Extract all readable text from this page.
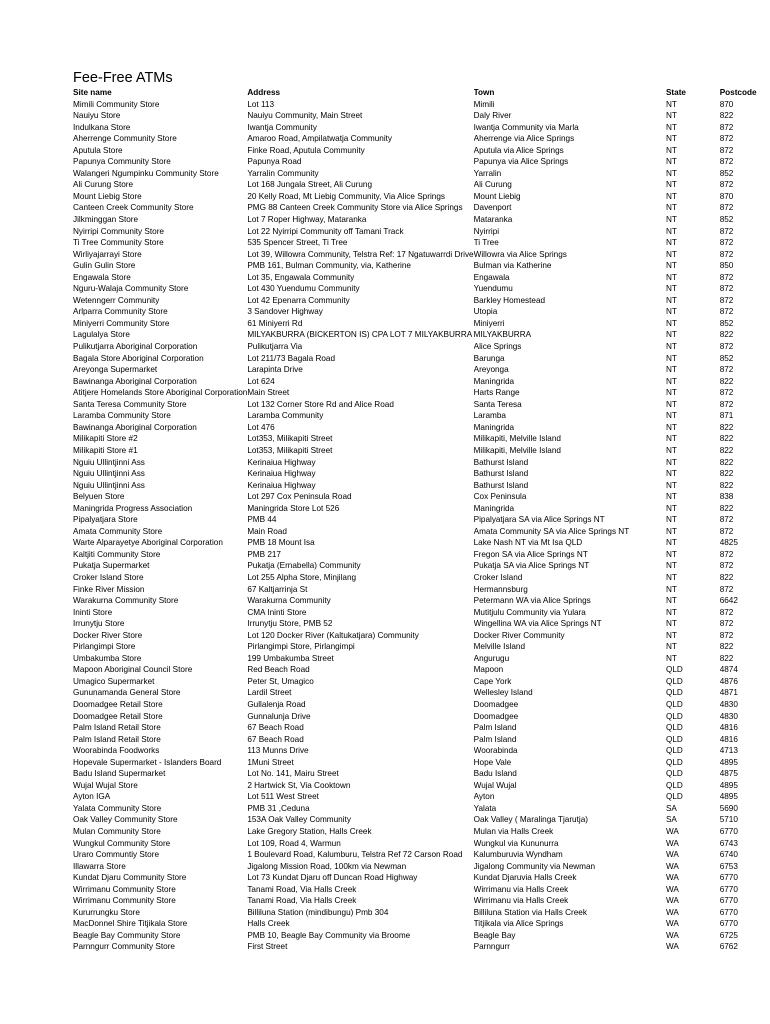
Fee-Free ATMs
Site name	Address	Town	State	Postcode
Mimili Community Store	Lot 113	Mimili	NT	870
Nauiyu Store	Nauiyu Community, Main Street	Daly River	NT	822
Indulkana Store	Iwantja Community	Iwantja Community via Marla	NT	872
Aherrenge Community Store	Amaroo Road, Ampilatwatja Community	Aherrenge via Alice Springs	NT	872
Aputula Store	Finke Road, Aputula Community	Aputula via Alice Springs	NT	872
Papunya Community Store	Papunya Road	Papunya via Alice Springs	NT	872
Walangeri Ngumpinku Community Store	Yarralin Community	Yarralin	NT	852
Ali Curung Store	Lot 168 Jungala Street, Ali Curung	Ali Curung	NT	872
Mount Liebig Store	20 Kelly Road, Mt Liebig Community, Via Alice Springs	Mount Liebig	NT	870
Canteen Creek Community Store	PMG 88 Canteen Creek Community Store via Alice Springs	Davenport	NT	872
Jilkminggan Store	Lot 7 Roper Highway, Mataranka	Mataranka	NT	852
Nyirripi Community Store	Lot 22 Nyirripi Community off Tamani Track	Nyirripi	NT	872
Ti Tree Community Store	535 Spencer Street, Ti Tree	Ti Tree	NT	872
Wirliyajarrayi Store	Lot 39, Willowra Community, Telstra Ref: 17 Ngatuwarrdi Drive	Willowra via Alice Springs	NT	872
Gulin Gulin Store	PMB 161, Bulman Community, via, Katherine	Bulman via Katherine	NT	850
Engawala Store	Lot 35, Engawala Community	Engawala	NT	872
Nguru-Walaja Community Store	Lot 430 Yuendumu Community	Yuendumu	NT	872
Wetenngerr Community	Lot 42 Epenarra Community	Barkley Homestead	NT	872
Arlparra Community Store	3 Sandover Highway	Utopia	NT	872
Miniyerri Community Store	61 Miniyerri Rd	Miniyerri	NT	852
Lagulalya Store	MILYAKBURRA (BICKERTON IS) CPA LOT 7 MILYAKBURRA	MILYAKBURRA	NT	822
Pulikutjarra Aboriginal Corporation	Pulikutjarra Via	Alice Springs	NT	872
Bagala Store Aboriginal Corporation	Lot 211/73 Bagala Road	Barunga	NT	852
Areyonga Supermarket	Larapinta Drive	Areyonga	NT	872
Bawinanga Aboriginal Corporation	Lot 624	Maningrida	NT	822
Atitjere Homelands Store Aboriginal Corporation	Main Street	Harts Range	NT	872
Santa Teresa Community Store	Lot 132 Corner Store Rd and Alice Road	Santa Teresa	NT	872
Laramba Community Store	Laramba Community	Laramba	NT	871
Bawinanga Aboriginal Corporation	Lot 476	Maningrida	NT	822
Milikapiti Store #2	Lot353, Milikapiti Street	Milikapiti, Melville Island	NT	822
Milikapiti Store #1	Lot353, Milikapiti Street	Milikapiti, Melville Island	NT	822
Nguiu Ullintjinni Ass	Kerinaiua Highway	Bathurst Island	NT	822
Nguiu Ullintjinni Ass	Kerinaiua Highway	Bathurst Island	NT	822
Nguiu Ullintjinni Ass	Kerinaiua Highway	Bathurst Island	NT	822
Belyuen Store	Lot 297 Cox Peninsula Road	Cox Peninsula	NT	838
Maningrida Progress Association	Maningrida Store Lot 526	Maningrida	NT	822
Pipalyatjara Store	PMB 44	Pipalyatjara SA via Alice Springs NT	NT	872
Amata Community Store	Main Road	Amata Community SA via Alice Springs NT	NT	872
Warte Alparayetye Aboriginal Corporation	PMB 18 Mount Isa	Lake Nash NT via Mt Isa QLD	NT	4825
Kaltjiti Community Store	PMB 217	Fregon SA via Alice Springs NT	NT	872
Pukatja Supermarket	Pukatja (Ernabella) Community	Pukatja SA via Alice Springs NT	NT	872
Croker Island Store	Lot 255 Alpha Store, Minjilang	Croker Island	NT	822
Finke River Mission	67 Kaltjarrinja St	Hermannsburg	NT	872
Warakurna Community Store	Warakurna Community	Petermann WA via Alice Springs	NT	6642
Ininti Store	CMA Ininti Store	Mutitjulu Community via Yulara	NT	872
Irrunytju Store	Irrunytju Store, PMB 52	Wingellina WA via Alice Springs NT	NT	872
Docker River Store	Lot 120 Docker River (Kaltukatjara) Community	Docker River Community	NT	872
Pirlangimpi Store	Pirlangimpi Store, Pirlangimpi	Melville Island	NT	822
Umbakumba Store	199 Umbakumba Street	Angurugu	NT	822
Mapoon Aboriginal Council Store	Red Beach Road	Mapoon	QLD	4874
Umagico Supermarket	Peter St, Umagico	Cape York	QLD	4876
Gununamanda General Store	Lardil Street	Wellesley Island	QLD	4871
Doomadgee Retail Store	Gullalenja Road	Doomadgee	QLD	4830
Doomadgee Retail Store	Gunnalunja Drive	Doomadgee	QLD	4830
Palm Island Retail Store	67 Beach Road	Palm Island	QLD	4816
Palm Island Retail Store	67 Beach Road	Palm Island	QLD	4816
Woorabinda Foodworks	113 Munns Drive	Woorabinda	QLD	4713
Hopevale Supermarket - Islanders Board	1Muni Street	Hope Vale	QLD	4895
Badu Island Supermarket	Lot No. 141, Mairu Street	Badu Island	QLD	4875
Wujal Wujal Store	2 Hartwick St, Via Cooktown	Wujal Wujal	QLD	4895
Ayton IGA	Lot 511 West Street	Ayton	QLD	4895
Yalata Community Store	PMB 31 ,Ceduna	Yalata	SA	5690
Oak Valley Community Store	153A Oak Valley Community	Oak Valley ( Maralinga Tjarutja)	SA	5710
Mulan Community Store	Lake Gregory Station, Halls Creek	Mulan via Halls Creek	WA	6770
Wungkul Community Store	Lot 109, Road 4, Warmun	Wungkul via Kununurra	WA	6743
Uraro Communtiy Store	1 Boulevard Road, Kalumburu, Telstra Ref 72 Carson Road	Kalumburuvia Wyndham	WA	6740
Illawarra Store	Jigalong Mission Road, 100km via Newman	Jigalong Community via Newman	WA	6753
Kundat Djaru Community Store	Lot 73 Kundat Djaru off Duncan Road Highway	Kundat Djaruvia Halls Creek	WA	6770
Wirrimanu Community Store	Tanami Road, Via Halls Creek	Wirrimanu via Halls Creek	WA	6770
Wirrimanu Community Store	Tanami Road, Via Halls Creek	Wirrimanu via Halls Creek	WA	6770
Kururrungku Store	Billiluna Station (mindibungu) Pmb 304	Billiluna Station via Halls Creek	WA	6770
MacDonnel Shire Titjikala Store	Halls Creek	Titjikala via Alice Springs	WA	6770
Beagle Bay Community Store	PMB 10, Beagle Bay Community via Broome	Beagle Bay	WA	6725
Parnngurr Community Store	First Street	Parnngurr	WA	6762
